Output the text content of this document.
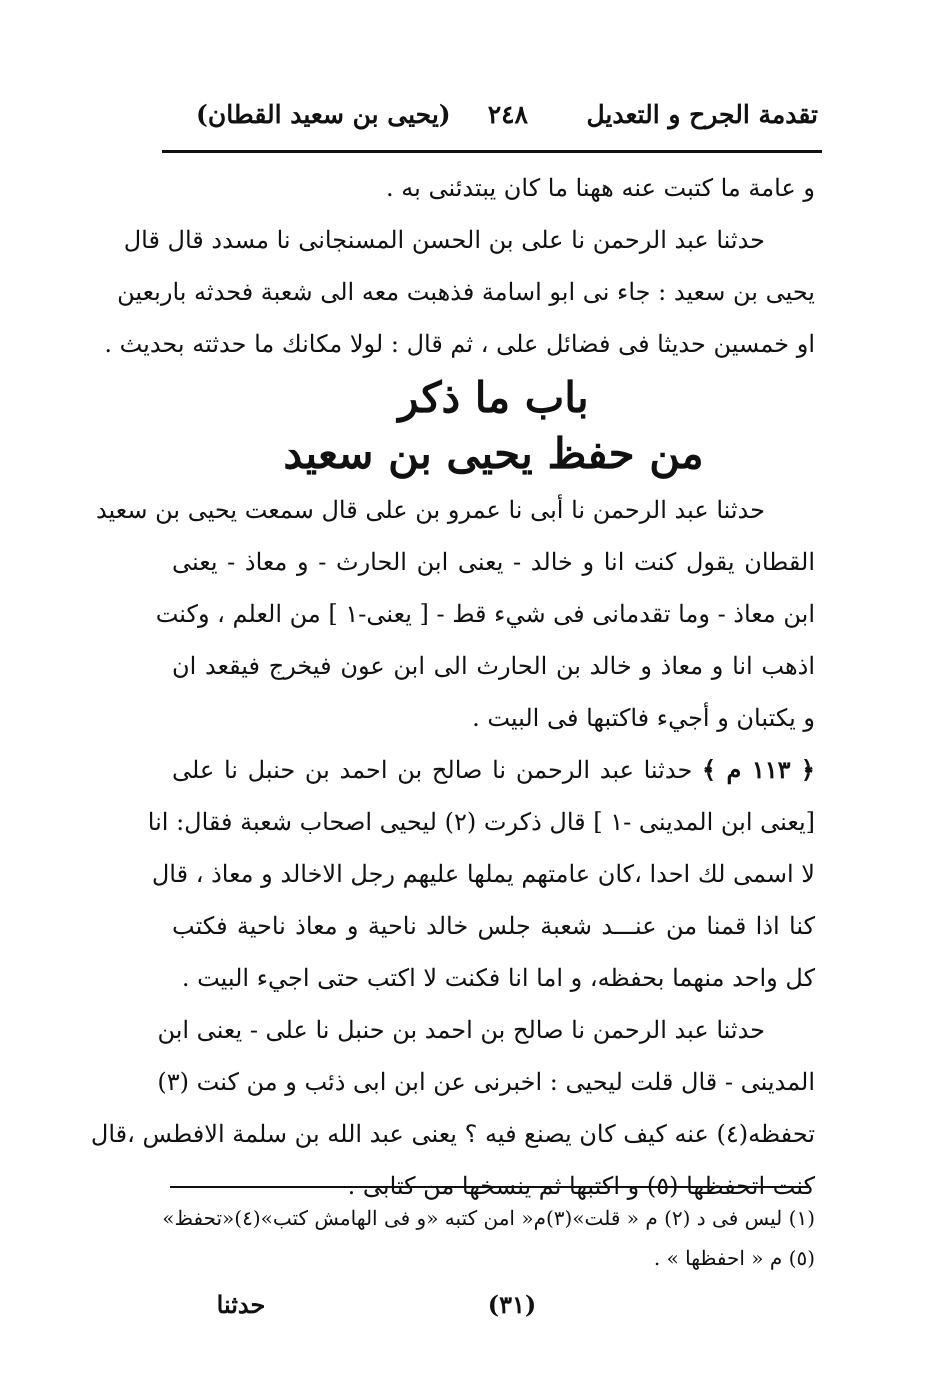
تقدمة الجرح و التعديل
٢٤٨
(يحيى بن سعيد القطان)
و عامة ما كتبت عنه ههنا ما كان يبتدئنى به .
حدثنا عبد الرحمن نا على بن الحسن المسنجانى نا مسدد قال قال
يحيى بن سعيد : جاء نى ابو اسامة فذهبت معه الى شعبة فحدثه باربعين
او خمسين حديثا فى فضائل على ، ثم قال : لولا مكانك ما حدثته بحديث .
باب ما ذكر
من حفظ يحيى بن سعيد
حدثنا عبد الرحمن نا أبى نا عمرو بن على قال سمعت يحيى بن سعيد
القطان يقول كنت انا و خالد - يعنى ابن الحارث - و معاذ - يعنى
ابن معاذ - وما تقدمانى فى شيء قط - [ يعنى-١ ] من العلم ، وكنت
اذهب انا و معاذ و خالد بن الحارث الى ابن عون فيخرج فيقعد ان
و يكتبان و أجيء فاكتبها فى البيت .
﴿ ١١٣ م ﴾ حدثنا عبد الرحمن نا صالح بن احمد بن حنبل نا على
[يعنى ابن المدينى -١ ] قال ذكرت (٢) ليحيى اصحاب شعبة فقال: انا
لا اسمى لك احدا ،كان عامتهم يملها عليهم رجل الاخالد و معاذ ، قال
كنا اذا قمنا من عنـــد شعبة جلس خالد ناحية و معاذ ناحية فكتب
كل واحد منهما بحفظه، و اما انا فكنت لا اكتب حتى اجيء البيت .
حدثنا عبد الرحمن نا صالح بن احمد بن حنبل نا على - يعنى ابن
المدينى - قال قلت ليحيى : اخبرنى عن ابن ابى ذئب و من كنت (٣)
تحفظه(٤) عنه كيف كان يصنع فيه ؟ يعنى عبد الله بن سلمة الافطس ،قال
كنت اتحفظها (٥) و اكتبها ثم ينسخها من كتابى .
(١) ليس فى د (٢) م « قلت»(٣)م« امن كتبه «و فى الهامش كتب»(٤)«تحفظ»
(٥) م « احفظها » .
(٣١)
حدثنا
